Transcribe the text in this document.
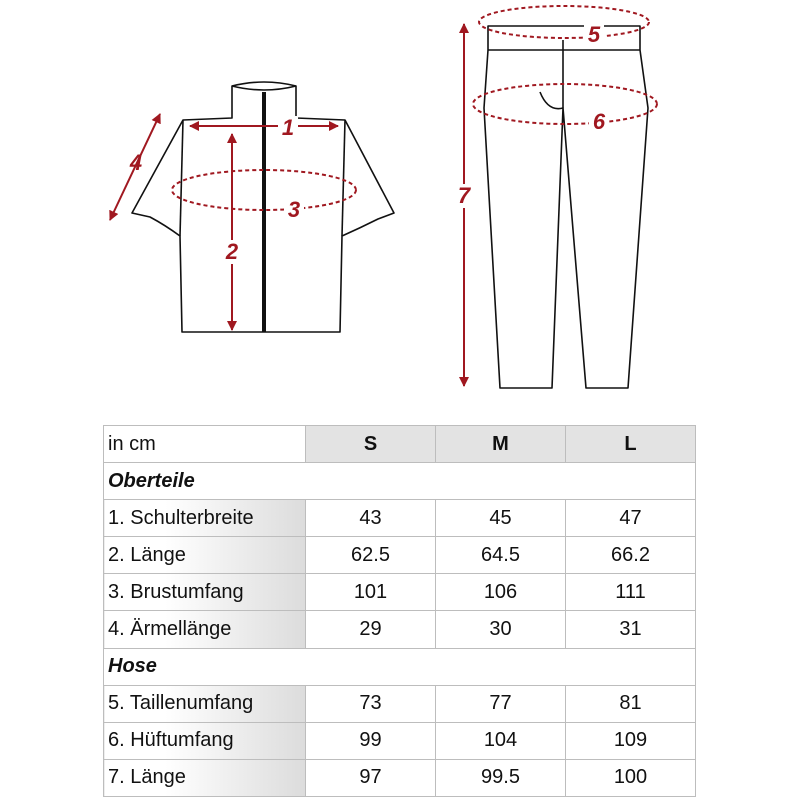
1
2
3
4
5
6
7
in cm	S	M	L
Oberteile			
1. Schulterbreite	43	45	47
2. Länge	62.5	64.5	66.2
3. Brustumfang	101	106	111
4. Ärmellänge	29	30	31
Hose			
5. Taillenumfang	73	77	81
6. Hüftumfang	99	104	109
7. Länge	97	99.5	100
